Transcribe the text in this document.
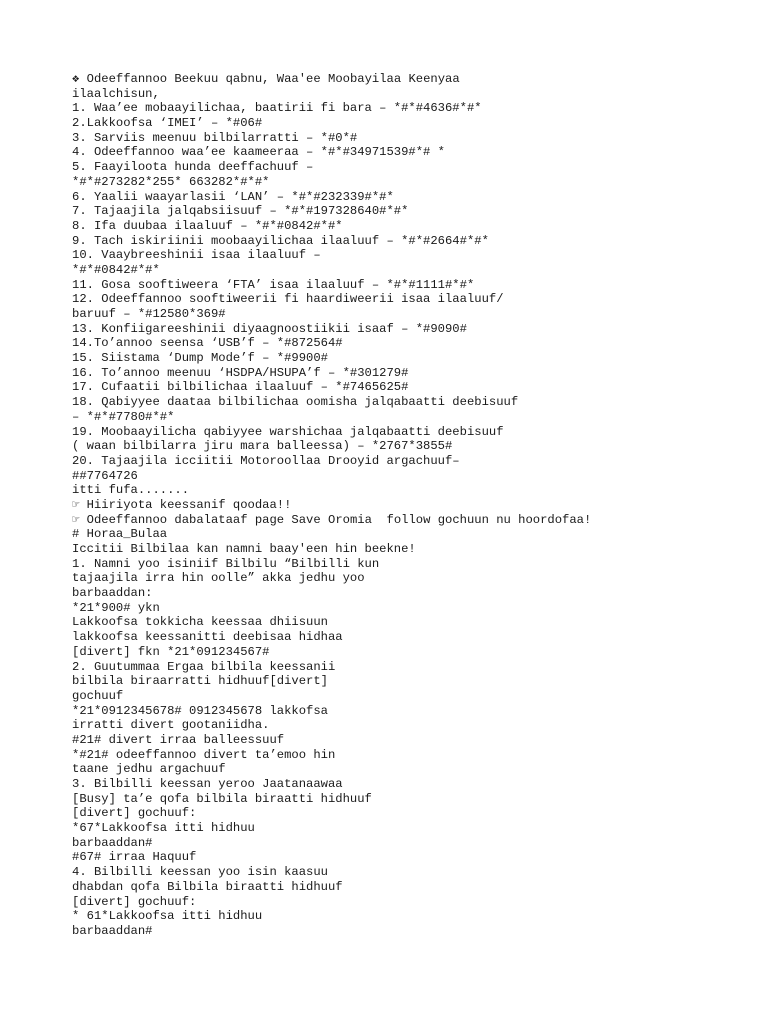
❖ Odeeffannoo Beekuu qabnu, Waa'ee Moobayilaa Keenyaa
ilaalchisun,
1. Waa’ee mobaayilichaa, baatirii fi bara – *#*#4636#*#*
2.Lakkoofsa ‘IMEI’ – *#06#
3. Sarviis meenuu bilbilarratti – *#0*#
4. Odeeffannoo waa’ee kaameeraa – *#*#34971539#*# *
5. Faayiloota hunda deeffachuuf –
*#*#273282*255* 663282*#*#*
6. Yaalii waayarlasii ‘LAN’ – *#*#232339#*#*
7. Tajaajila jalqabsiisuuf – *#*#197328640#*#*
8. Ifa duubaa ilaaluuf – *#*#0842#*#*
9. Tach iskiriinii moobaayilichaa ilaaluuf – *#*#2664#*#*
10. Vaaybreeshinii isaa ilaaluuf –
*#*#0842#*#*
11. Gosa sooftiweera ‘FTA’ isaa ilaaluuf – *#*#1111#*#*
12. Odeeffannoo sooftiweerii fi haardiweerii isaa ilaaluuf/
baruuf – *#12580*369#
13. Konfiigareeshinii diyaagnoostiikii isaaf – *#9090#
14.To’annoo seensa ‘USB’f – *#872564#
15. Siistama ‘Dump Mode’f – *#9900#
16. To’annoo meenuu ‘HSDPA/HSUPA’f – *#301279#
17. Cufaatii bilbilichaa ilaaluuf – *#7465625#
18. Qabiyyee daataa bilbilichaa oomisha jalqabaatti deebisuuf
– *#*#7780#*#*
19. Moobaayilicha qabiyyee warshichaa jalqabaatti deebisuuf
( waan bilbilarra jiru mara balleessa) – *2767*3855#
20. Tajaajila icciitii Motoroollaa Drooyid argachuuf–
##7764726
itti fufa.......
☞ Hiiriyota keessanif qoodaa!!
☞ Odeeffannoo dabalataaf page Save Oromia  follow gochuun nu hoordofaa!
# Horaa_Bulaa
Iccitii Bilbilaa kan namni baay'een hin beekne!
1. Namni yoo isiniif Bilbilu “Bilbilli kun
tajaajila irra hin oolle” akka jedhu yoo
barbaaddan:
*21*900# ykn
Lakkoofsa tokkicha keessaa dhiisuun
lakkoofsa keessanitti deebisaa hidhaa
[divert] fkn *21*091234567#
2. Guutummaa Ergaa bilbila keessanii
bilbila biraarratti hidhuuf[divert]
gochuuf
*21*0912345678# 0912345678 lakkofsa
irratti divert gootaniidha.
#21# divert irraa balleessuuf
*#21# odeeffannoo divert ta’emoo hin
taane jedhu argachuuf
3. Bilbilli keessan yeroo Jaatanaawaa
[Busy] ta’e qofa bilbila biraatti hidhuuf
[divert] gochuuf:
*67*Lakkoofsa itti hidhuu
barbaaddan#
#67# irraa Haquuf
4. Bilbilli keessan yoo isin kaasuu
dhabdan qofa Bilbila biraatti hidhuuf
[divert] gochuuf:
* 61*Lakkoofsa itti hidhuu
barbaaddan#
